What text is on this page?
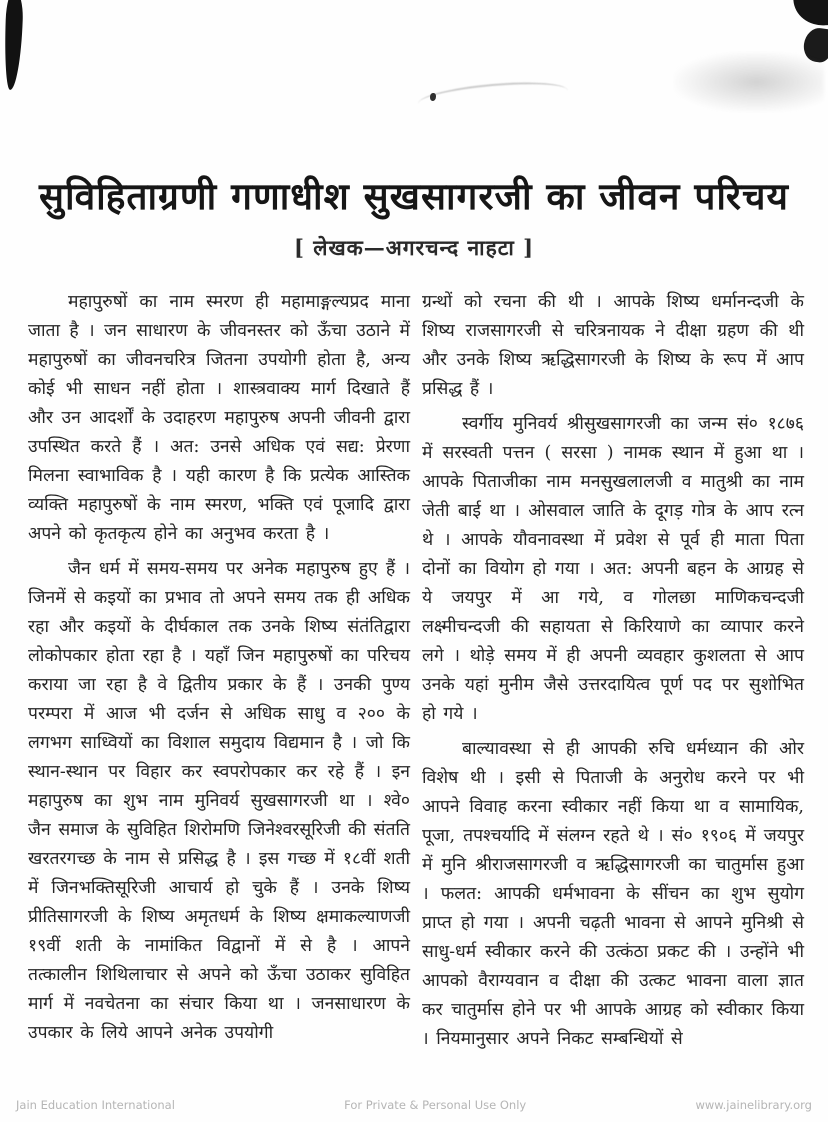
सुविहिताग्रणी गणाधीश सुखसागरजी का जीवन परिचय
[ लेखक—अगरचन्द नाहटा ]

महापुरुषों का नाम स्मरण ही महामाङ्गल्यप्रद माना जाता है । जन साधारण के जीवनस्तर को ऊँचा उठाने में महापुरुषों का जीवनचरित्र जितना उपयोगी होता है, अन्य कोई भी साधन नहीं होता । शास्त्रवाक्य मार्ग दिखाते हैं और उन आदर्शों के उदाहरण महापुरुष अपनी जीवनी द्वारा उपस्थित करते हैं । अत: उनसे अधिक एवं सद्य: प्रेरणा मिलना स्वाभाविक है । यही कारण है कि प्रत्येक आस्तिक व्यक्ति महापुरुषों के नाम स्मरण, भक्ति एवं पूजादि द्वारा अपने को कृतकृत्य होने का अनुभव करता है ।

जैन धर्म में समय-समय पर अनेक महापुरुष हुए हैं । जिनमें से कइयों का प्रभाव तो अपने समय तक ही अधिक रहा और कइयों के दीर्घकाल तक उनके शिष्य संतंतिद्वारा लोकोपकार होता रहा है । यहाँ जिन महापुरुषों का परिचय कराया जा रहा है वे द्वितीय प्रकार के हैं । उनकी पुण्य परम्परा में आज भी दर्जन से अधिक साधु व २०० के लगभग साध्वियों का विशाल समुदाय विद्यमान है । जो कि स्थान-स्थान पर विहार कर स्वपरोपकार कर रहे हैं । इन महापुरुष का शुभ नाम मुनिवर्य सुखसागरजी था । श्वे० जैन समाज के सुविहित शिरोमणि जिनेश्वरसूरिजी की संतति खरतरगच्छ के नाम से प्रसिद्ध है । इस गच्छ में १८वीं शती में जिनभक्तिसूरिजी आचार्य हो चुके हैं । उनके शिष्य प्रीतिसागरजी के शिष्य अमृतधर्म के शिष्य क्षमाकल्याणजी १९वीं शती के नामांकित विद्वानों में से है । आपने तत्कालीन शिथिलाचार से अपने को ऊँचा उठाकर सुविहित मार्ग में नवचेतना का संचार किया था । जनसाधारण के उपकार के लिये आपने अनेक उपयोगी

ग्रन्थों को रचना की थी । आपके शिष्य धर्मानन्दजी के शिष्य राजसागरजी से चरित्रनायक ने दीक्षा ग्रहण की थी और उनके शिष्य ऋद्धिसागरजी के शिष्य के रूप में आप प्रसिद्ध हैं ।

स्वर्गीय मुनिवर्य श्रीसुखसागरजी का जन्म सं० १८७६ में सरस्वती पत्तन ( सरसा ) नामक स्थान में हुआ था । आपके पिताजीका नाम मनसुखलालजी व मातुश्री का नाम जेती बाई था । ओसवाल जाति के दूगड़ गोत्र के आप रत्न थे । आपके यौवनावस्था में प्रवेश से पूर्व ही माता पिता दोनों का वियोग हो गया । अत: अपनी बहन के आग्रह से ये जयपुर में आ गये, व गोलछा माणिकचन्दजी लक्ष्मीचन्दजी की सहायता से किरियाणे का व्यापार करने लगे । थोड़े समय में ही अपनी व्यवहार कुशलता से आप उनके यहां मुनीम जैसे उत्तरदायित्व पूर्ण पद पर सुशोभित हो गये ।

बाल्यावस्था से ही आपकी रुचि धर्मध्यान की ओर विशेष थी । इसी से पिताजी के अनुरोध करने पर भी आपने विवाह करना स्वीकार नहीं किया था व सामायिक, पूजा, तपश्चर्यादि में संलग्न रहते थे । सं० १९०६ में जयपुर में मुनि श्रीराजसागरजी व ऋद्धिसागरजी का चातुर्मास हुआ । फलत: आपकी धर्मभावना के सींचन का शुभ सुयोग प्राप्त हो गया । अपनी चढ़ती भावना से आपने मुनिश्री से साधु-धर्म स्वीकार करने की उत्कंठा प्रकट की । उन्होंने भी आपको वैराग्यवान व दीक्षा की उत्कट भावना वाला ज्ञात कर चातुर्मास होने पर भी आपके आग्रह को स्वीकार किया । नियमानुसार अपने निकट सम्बन्धियों से

Jain Education International	For Private & Personal Use Only	www.jainelibrary.org
